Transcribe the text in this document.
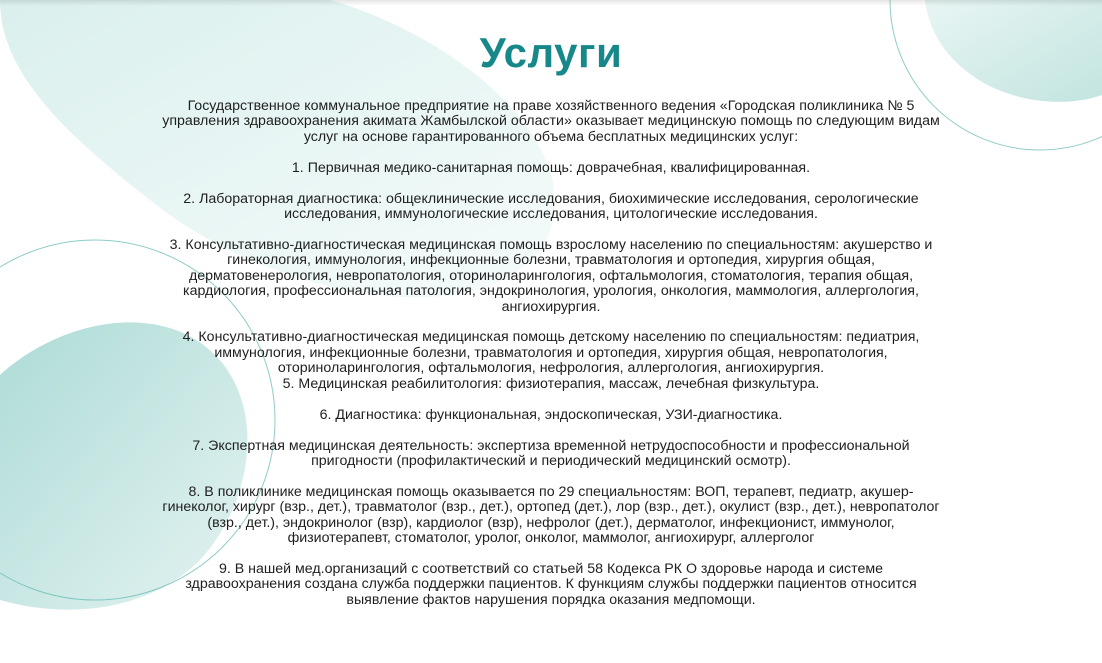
Услуги

Государственное коммунальное предприятие на праве хозяйственного ведения «Городская поликлиника № 5 управления здравоохранения акимата Жамбылской области» оказывает медицинскую помощь по следующим видам услуг на основе гарантированного объема бесплатных медицинских услуг:

1. Первичная медико-санитарная помощь: доврачебная, квалифицированная.

2. Лабораторная диагностика: общеклинические исследования, биохимические исследования, серологические исследования, иммунологические исследования, цитологические исследования.

3. Консультативно-диагностическая медицинская помощь взрослому населению по специальностям: акушерство и гинекология, иммунология, инфекционные болезни, травматология и ортопедия, хирургия общая, дерматовенерология, невропатология, оториноларингология, офтальмология, стоматология, терапия общая, кардиология, профессиональная патология, эндокринология, урология, онкология, маммология, аллергология, ангиохирургия.

4. Консультативно-диагностическая медицинская помощь детскому населению по специальностям: педиатрия, иммунология, инфекционные болезни, травматология и ортопедия, хирургия общая, невропатология, оториноларингология, офтальмология, нефрология, аллергология, ангиохирургия.

5. Медицинская реабилитология: физиотерапия, массаж, лечебная физкультура.

6. Диагностика: функциональная, эндоскопическая, УЗИ-диагностика.

7. Экспертная медицинская деятельность: экспертиза временной нетрудоспособности и профессиональной пригодности (профилактический и периодический медицинский осмотр).

8. В поликлинике медицинская помощь оказывается по 29 специальностям: ВОП, терапевт, педиатр, акушер-гинеколог, хирург (взр., дет.), травматолог (взр., дет.), ортопед (дет.), лор (взр., дет.), окулист (взр., дет.), невропатолог (взр., дет.), эндокринолог (взр), кардиолог (взр), нефролог (дет.), дерматолог, инфекционист, иммунолог, физиотерапевт, стоматолог, уролог, онколог, маммолог, ангиохирург, аллерголог

9. В нашей мед.организаций с соответствий со статьей 58 Кодекса РК О здоровье народа и системе здравоохранения создана служба поддержки пациентов. К функциям службы поддержки пациентов относится выявление фактов нарушения порядка оказания медпомощи.
